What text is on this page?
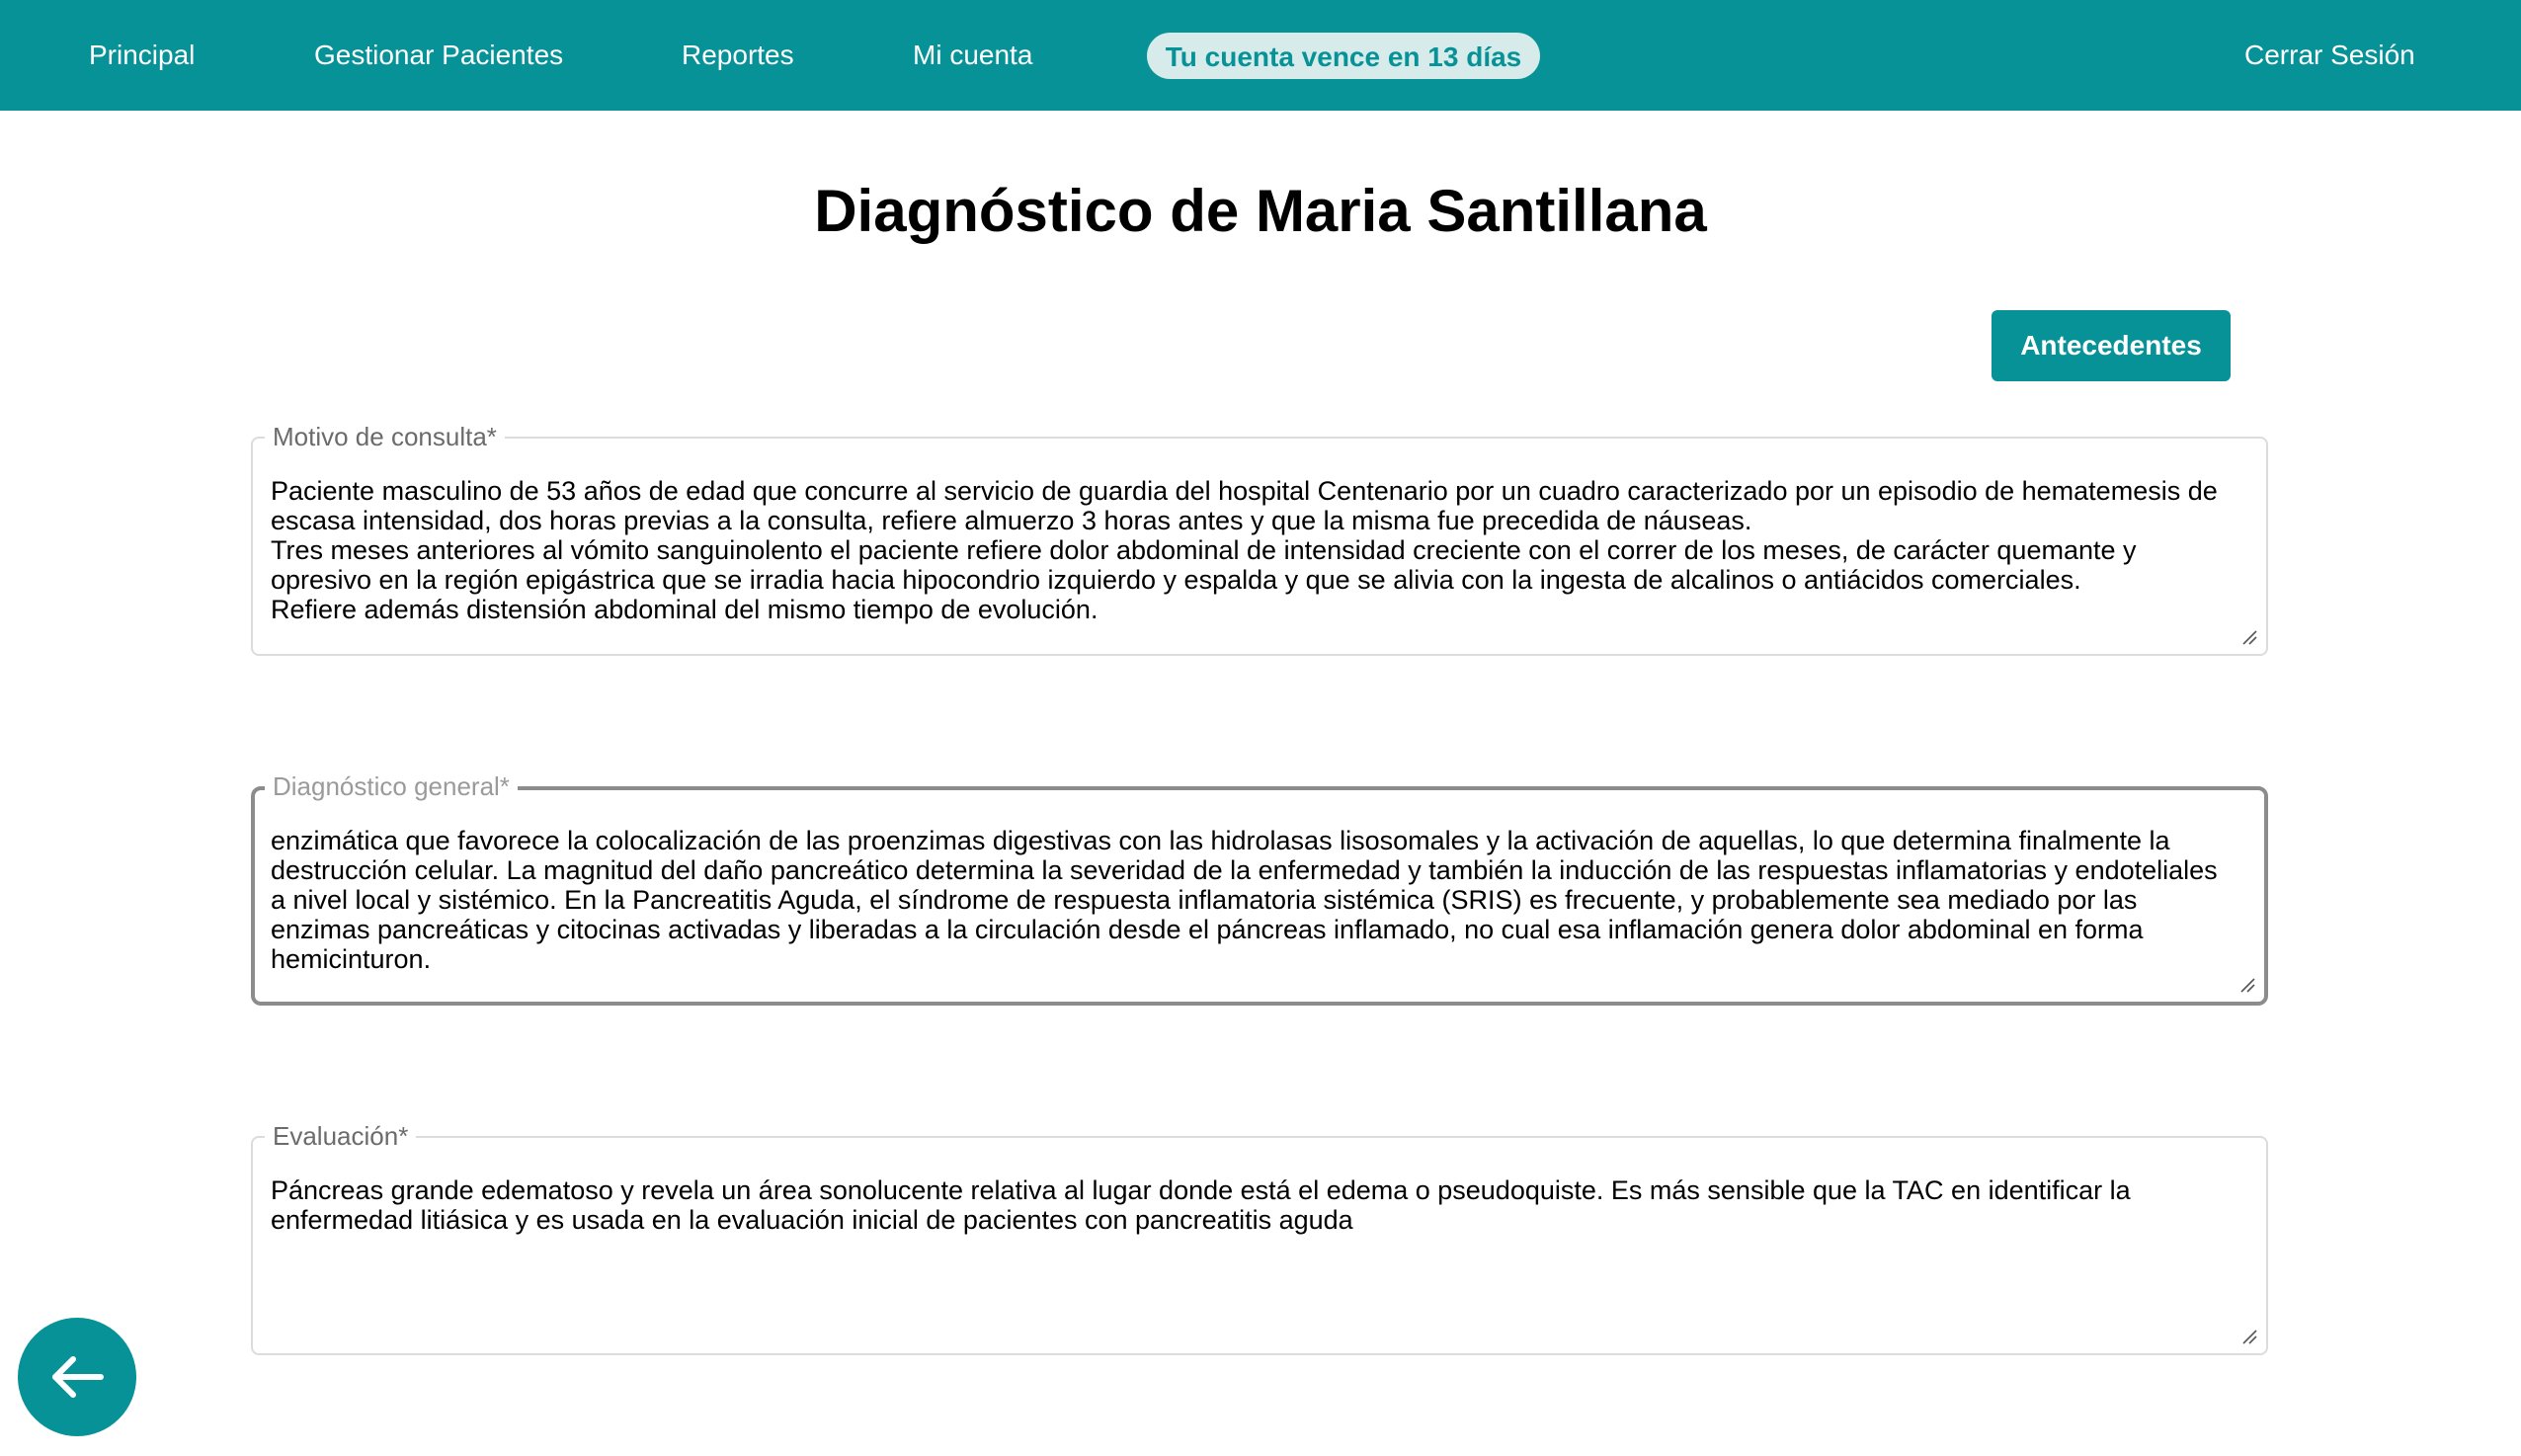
Principal	Gestionar Pacientes	Reportes	Mi cuenta	Tu cuenta vence en 13 días	Cerrar Sesión
Diagnóstico de Maria Santillana
Antecedentes
Motivo de consulta*
Paciente masculino de 53 años de edad que concurre al servicio de guardia del hospital Centenario por un cuadro caracterizado por un episodio de hematemesis de escasa intensidad, dos horas previas a la consulta, refiere almuerzo 3 horas antes y que la misma fue precedida de náuseas.
Tres meses anteriores al vómito sanguinolento el paciente refiere dolor abdominal de intensidad creciente con el correr de los meses, de carácter quemante y opresivo en la región epigástrica que se irradia hacia hipocondrio izquierdo y espalda y que se alivia con la ingesta de alcalinos o antiácidos comerciales.
Refiere además distensión abdominal del mismo tiempo de evolución.
Diagnóstico general*
enzimática que favorece la colocalización de las proenzimas digestivas con las hidrolasas lisosomales y la activación de aquellas, lo que determina finalmente la destrucción celular. La magnitud del daño pancreático determina la severidad de la enfermedad y también la inducción de las respuestas inflamatorias y endoteliales a nivel local y sistémico. En la Pancreatitis Aguda, el síndrome de respuesta inflamatoria sistémica (SRIS) es frecuente, y probablemente sea mediado por las enzimas pancreáticas y citocinas activadas y liberadas a la circulación desde el páncreas inflamado, no cual esa inflamación genera dolor abdominal en forma hemicinturon.
Evaluación*
Páncreas grande edematoso y revela un área sonolucente relativa al lugar donde está el edema o pseudoquiste. Es más sensible que la TAC en identificar la enfermedad litiásica y es usada en la evaluación inicial de pacientes con pancreatitis aguda
